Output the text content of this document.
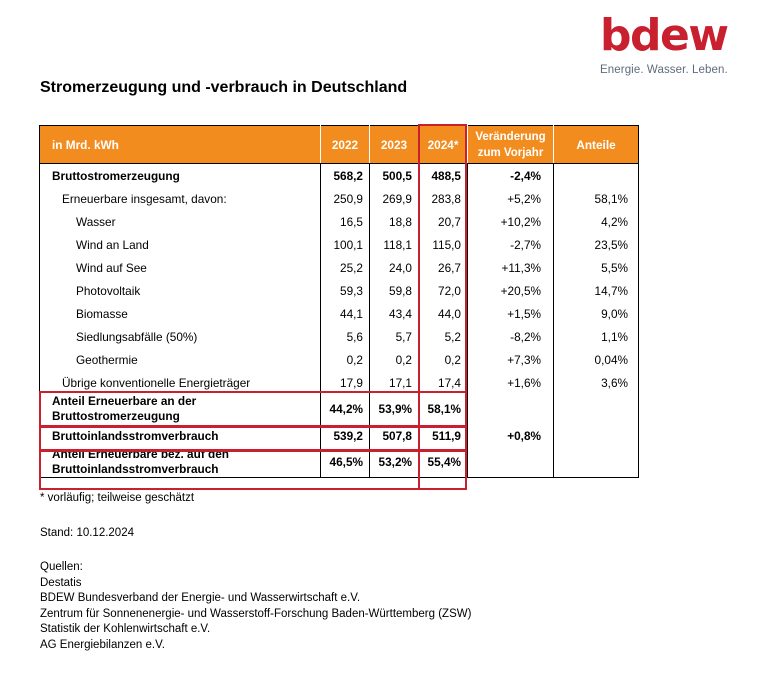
bdew
Energie. Wasser. Leben.
Stromerzeugung und -verbrauch in Deutschland
in Mrd. kWh	2022	2023	2024*	Veränderung
zum Vorjahr	Anteile
Bruttostromerzeugung	568,2	500,5	488,5	-2,4%	
Erneuerbare insgesamt, davon:	250,9	269,9	283,8	+5,2%	58,1%
Wasser	16,5	18,8	20,7	+10,2%	4,2%
Wind an Land	100,1	118,1	115,0	-2,7%	23,5%
Wind auf See	25,2	24,0	26,7	+11,3%	5,5%
Photovoltaik	59,3	59,8	72,0	+20,5%	14,7%
Biomasse	44,1	43,4	44,0	+1,5%	9,0%
Siedlungsabfälle (50%)	5,6	5,7	5,2	-8,2%	1,1%
Geothermie	0,2	0,2	0,2	+7,3%	0,04%
Übrige konventionelle Energieträger	17,9	17,1	17,4	+1,6%	3,6%
Anteil Erneuerbare an der Bruttostromerzeugung	44,2%	53,9%	58,1%		
Bruttoinlandsstromverbrauch	539,2	507,8	511,9	+0,8%	
Anteil Erneuerbare bez. auf den Bruttoinlandsstromverbrauch	46,5%	53,2%	55,4%		
* vorläufig; teilweise geschätzt
Stand: 10.12.2024
Quellen:
Destatis
BDEW Bundesverband der Energie- und Wasserwirtschaft e.V.
Zentrum für Sonnenenergie- und Wasserstoff-Forschung Baden-Württemberg (ZSW)
Statistik der Kohlenwirtschaft e.V.
AG Energiebilanzen e.V.
